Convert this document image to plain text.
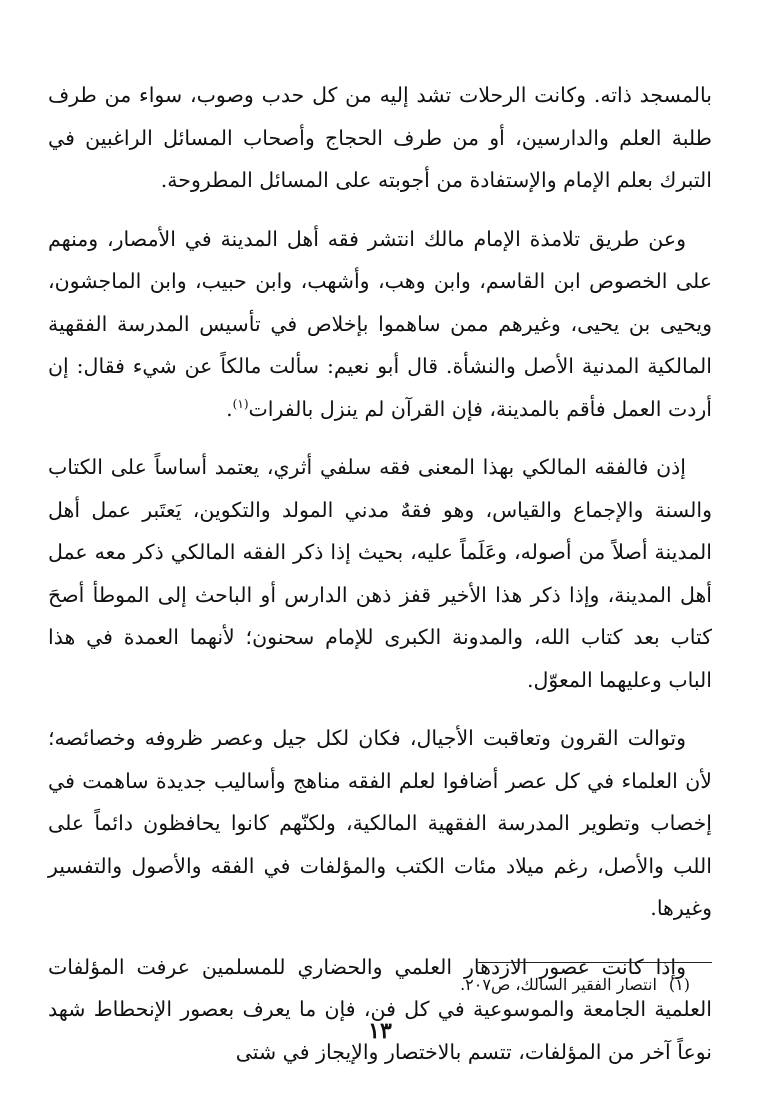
بالمسجد ذاته. وكانت الرحلات تشد إليه من كل حدب وصوب، سواء من طرف طلبة العلم والدارسين، أو من طرف الحجاج وأصحاب المسائل الراغبين في التبرك بعلم الإمام والإستفادة من أجوبته على المسائل المطروحة.

وعن طريق تلامذة الإمام مالك انتشر فقه أهل المدينة في الأمصار، ومنهم على الخصوص ابن القاسم، وابن وهب، وأشهب، وابن حبيب، وابن الماجشون، ويحيى بن يحيى، وغيرهم ممن ساهموا بإخلاص في تأسيس المدرسة الفقهية المالكية المدنية الأصل والنشأة. قال أبو نعيم: سألت مالكاً عن شيء فقال: إن أردت العمل فأقم بالمدينة، فإن القرآن لم ينزل بالفرات$^{(١)}$.

إذن فالفقه المالكي بهذا المعنى فقه سلفي أثري، يعتمد أساساً على الكتاب والسنة والإجماع والقياس، وهو فقهٌ مدني المولد والتكوين، يَعتَبر عمل أهل المدينة أصلاً من أصوله، وعَلَماً عليه، بحيث إذا ذكر الفقه المالكي ذكر معه عمل أهل المدينة، وإذا ذكر هذا الأخير قفز ذهن الدارس أو الباحث إلى الموطأ أصحَ كتاب بعد كتاب الله، والمدونة الكبرى للإمام سحنون؛ لأنهما العمدة في هذا الباب وعليهما المعوّل.

وتوالت القرون وتعاقبت الأجيال، فكان لكل جيل وعصر ظروفه وخصائصه؛ لأن العلماء في كل عصر أضافوا لعلم الفقه مناهج وأساليب جديدة ساهمت في إخصاب وتطوير المدرسة الفقهية المالكية، ولكنّهم كانوا يحافظون دائماً على اللب والأصل، رغم ميلاد مئات الكتب والمؤلفات في الفقه والأصول والتفسير وغيرها.

وإذا كانت عصور الازدهار العلمي والحضاري للمسلمين عرفت المؤلفات العلمية الجامعة والموسوعية في كل فن، فإن ما يعرف بعصور الإنحطاط شهد نوعاً آخر من المؤلفات، تتسم بالاختصار والإيجاز في شتى

(١)انتصار الفقير السالك، ص٢٠٧.
١٣
